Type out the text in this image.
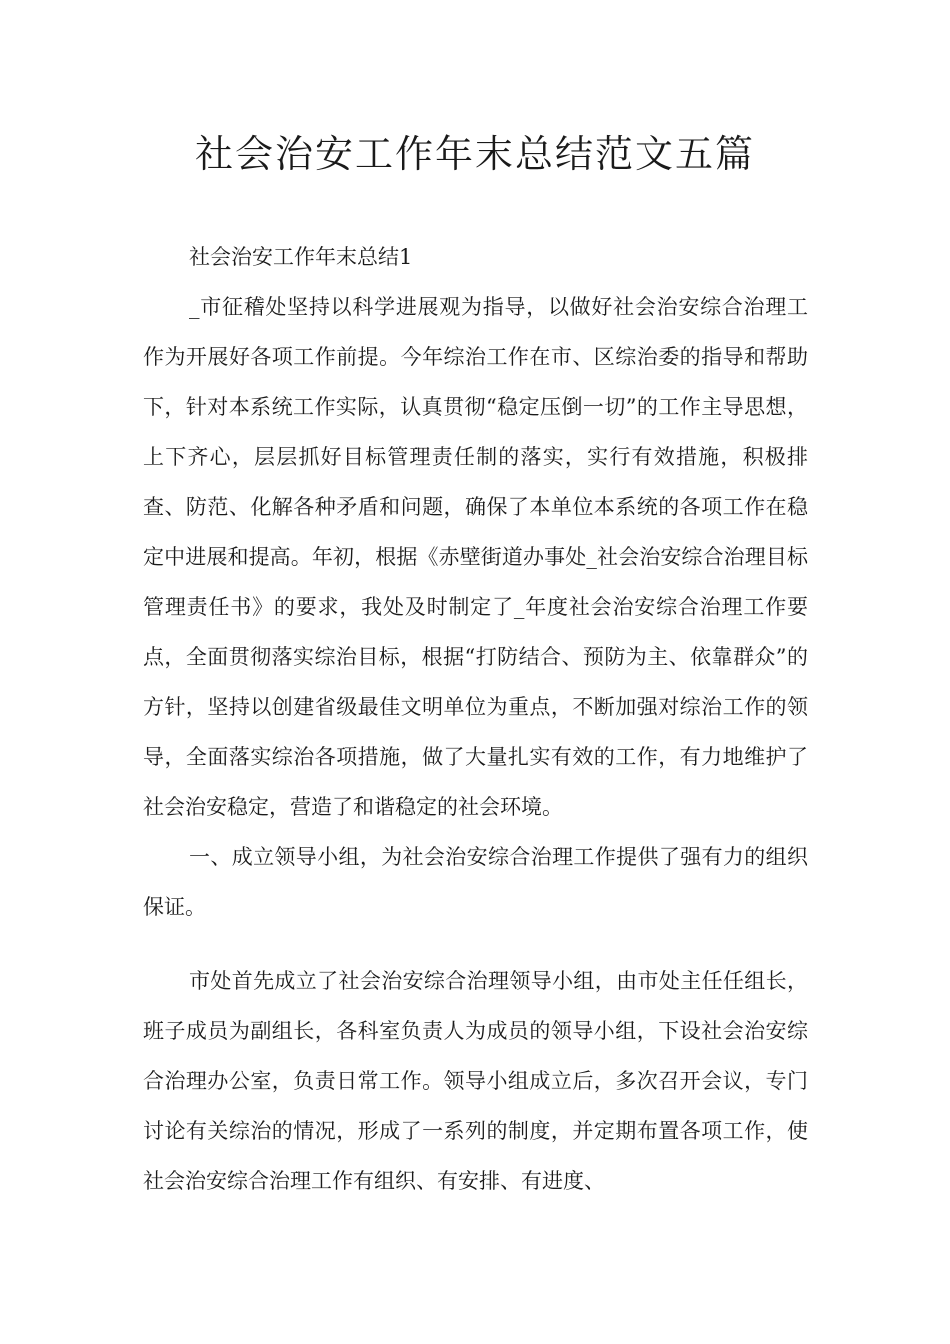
社会治安工作年末总结范文五篇

社会治安工作年末总结1

_市征稽处坚持以科学进展观为指导，以做好社会治安综合治理工作为开展好各项工作前提。今年综治工作在市、区综治委的指导和帮助下，针对本系统工作实际，认真贯彻“稳定压倒一切”的工作主导思想，上下齐心，层层抓好目标管理责任制的落实，实行有效措施，积极排查、防范、化解各种矛盾和问题，确保了本单位本系统的各项工作在稳定中进展和提高。年初，根据《赤壁街道办事处_社会治安综合治理目标管理责任书》的要求，我处及时制定了_年度社会治安综合治理工作要点，全面贯彻落实综治目标，根据“打防结合、预防为主、依靠群众”的方针，坚持以创建省级最佳文明单位为重点，不断加强对综治工作的领导，全面落实综治各项措施，做了大量扎实有效的工作，有力地维护了社会治安稳定，营造了和谐稳定的社会环境。

一、成立领导小组，为社会治安综合治理工作提供了强有力的组织保证。

市处首先成立了社会治安综合治理领导小组，由市处主任任组长，班子成员为副组长，各科室负责人为成员的领导小组，下设社会治安综合治理办公室，负责日常工作。领导小组成立后，多次召开会议，专门讨论有关综治的情况，形成了一系列的制度，并定期布置各项工作，使社会治安综合治理工作有组织、有安排、有进度、
